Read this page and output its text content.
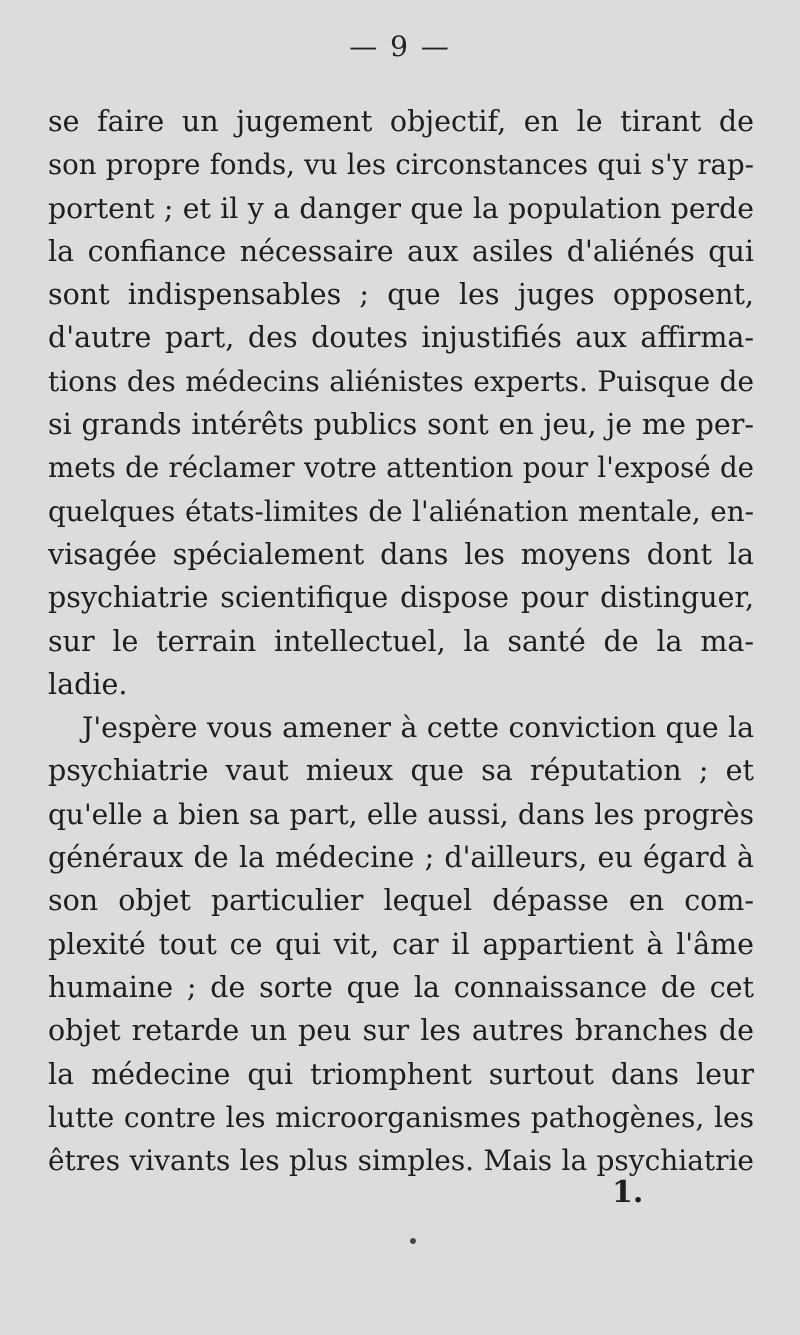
— 9 —
se faire un jugement objectif, en le tirant de
son propre fonds, vu les circonstances qui s'y rap-
portent ; et il y a danger que la population perde
la confiance nécessaire aux asiles d'aliénés qui
sont indispensables ; que les juges opposent,
d'autre part, des doutes injustifiés aux affirma-
tions des médecins aliénistes experts. Puisque de
si grands intérêts publics sont en jeu, je me per-
mets de réclamer votre attention pour l'exposé de
quelques états-limites de l'aliénation mentale, en-
visagée spécialement dans les moyens dont la
psychiatrie scientifique dispose pour distinguer,
sur le terrain intellectuel, la santé de la ma-
ladie.
J'espère vous amener à cette conviction que la
psychiatrie vaut mieux que sa réputation ; et
qu'elle a bien sa part, elle aussi, dans les progrès
généraux de la médecine ; d'ailleurs, eu égard à
son objet particulier lequel dépasse en com-
plexité tout ce qui vit, car il appartient à l'âme
humaine ; de sorte que la connaissance de cet
objet retarde un peu sur les autres branches de
la médecine qui triomphent surtout dans leur
lutte contre les microorganismes pathogènes, les
êtres vivants les plus simples. Mais la psychiatrie
1.
